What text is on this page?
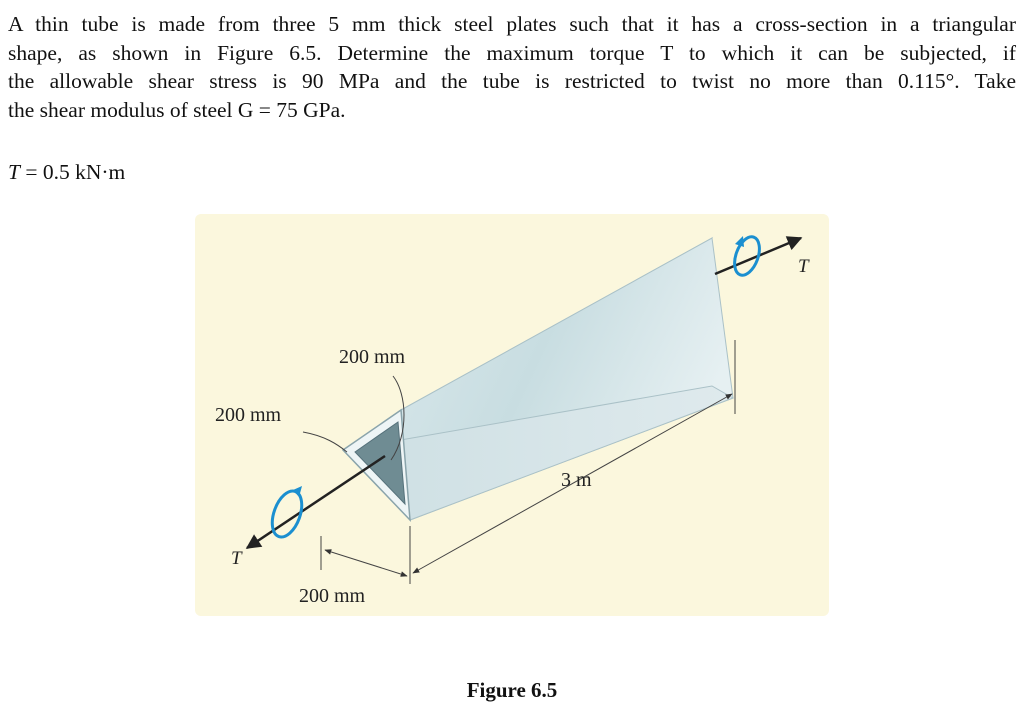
A thin tube is made from three 5 mm thick steel plates such that it has a cross-section in a triangular
shape, as shown in Figure 6.5. Determine the maximum torque T to which it can be subjected, if
the allowable shear stress is 90 MPa and the tube is restricted to twist no more than 0.115°. Take
the shear modulus of steel G = 75 GPa.

T = 0.5 kN·m

200 mm
200 mm
200 mm
3 m
T
T

Figure 6.5
